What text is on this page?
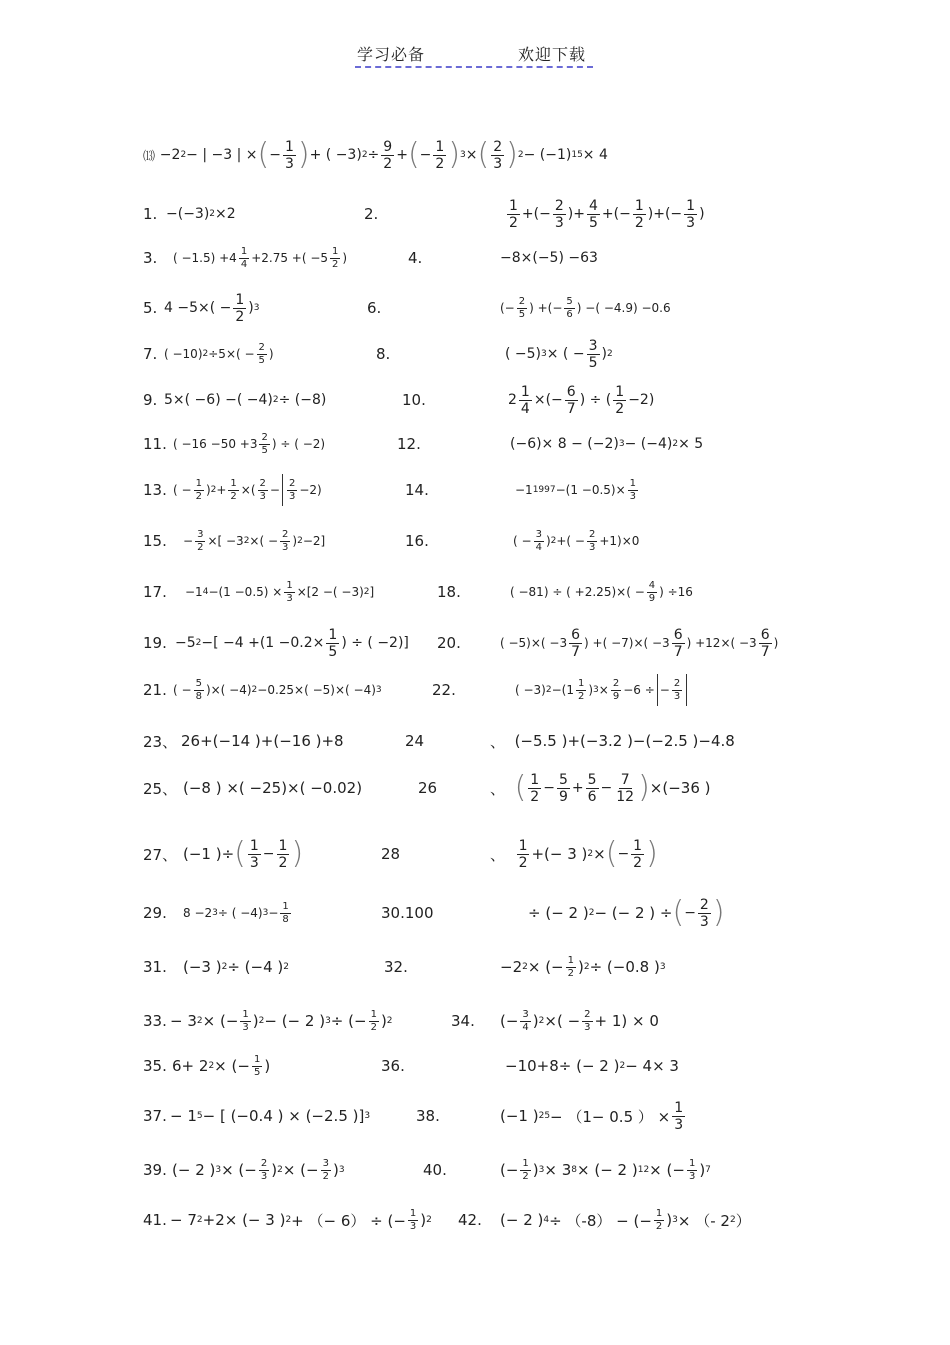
学习必备	欢迎下载
⒀
−2 2 − | −3 | × ( − $\frac{1}{3}$ ) + ( −3) $2 \div \frac{9}{2}$ + ( − $\frac{1}{2}$ ) 3 × ( 2
3 ) 2 − (−1) 15 × 4
1. −(−3) 2 ×2	2.	1
2
+(− $\frac{2}{3}$ )+ $\frac{4}{5}$ +(− $\frac{1}{2}$ )+(− $\frac{1}{3}$ )
3. ( −1.5) +4 1
4 +2.75 +( −5 1
2 )	4.	−8×(−5) −63
5. $4 -5\times( - \frac{1}{2}$ ) 3	6.	(− $\frac{2}{5}$ ) +(− $\frac{5}{6}$ ) −( −4.9) −0.6
7. ( −10) $2 \div 5\times( - \frac{2}{5}$ )	8.	( −5) 3 × ( − $\frac{3}{5}$ ) 2
9. 5×( −6) −( −4) 2 ÷ (−8)	10.	$2 \frac{1}{4}$ ×(− $\frac{6}{7}$ ) ÷ (
1
2
−2)
11. ( −16 −50 +3 2
5 ) ÷ ( −2)	12.	(−6)× 8 − (−2) 3 − (−4) 2 × 5
13. ( − $\frac{1}{2}$ ) $2 + \frac{1}{2}$ ×( 2
3 − 2
3 −2)	14.	−1 $1997 -(1 -0.5)\times \frac{1}{3}$
15. − $\frac{3}{2}$ ×[ −3 2 ×( − $\frac{2}{3}$ ) 2 −2]	16.	( − $\frac{3}{4}$ ) 2 +( − $\frac{2}{3} +1)\times 0$
17. −1 $4 -(1 -0.5) \times \frac{1}{3} \times[2$ −( −3) 2 ]	18.	( −81) ÷ ( $+2.25)\times( - \frac{4}{9}$ ) ÷16
19. −5 2 −[ $-4 +(1 -0.2\times \frac{1}{5}$ ) ÷ ( −2)] 20.	( −5)×( −3
6
7
) +( −7)×( −3
6
7
) +12×( −3
6
7
)
21. ( − $\frac{5}{8}$ )×( −4) 2 −0.25×( −5)×( −4) 3	22.	( −3) 2 −(1 1
2 ) $3 \times \frac{2}{9} -6$ ÷ − $\frac{2}{3}$
23、 26+(−14 )+(−16 )+8	24	、
(−5.5 )+(−3.2 )−(−2.5 )−4.8
25、 (−8 ) ×( −25)×( −0.02)	26	、
( 1
2
− $\frac{5}{9} + \frac{5}{6} - \frac{7}{12}$ ) ×(−36 )
27、 (−1 )÷ ( 1
3
− $\frac{1}{2}$ )	28	、
1
2 +(− 3 ) 2 × ( − $\frac{1}{2}$ )
29. 8 −2 3 ÷ ( −4) $3 - \frac{1}{8}$	30.100	÷ (− 2 ) 2 − (− 2 ) ÷ ( − $\frac{2}{3}$ )
31. (−3 ) 2 ÷ (−4 ) 2	32.	−2 2 × (− $\frac{1}{2}$ ) 2 ÷ (−0.8 ) 3
33. − 3 2 × (− $\frac{1}{3}$ ) 2 − (− 2 ) 3 ÷ (− $\frac{1}{2}$ ) 2	34. (− $\frac{3}{4}$ ) 2 ×( − $\frac{2}{3} + 1) \times 0$
35. 6+ 2 2 × (− $\frac{1}{5}$ )	36.	−10+8÷ (− 2 ) 2 − 4× 3
37. − 1 5 − [ (−0.4 ) × (−2.5 )] 3	38.	(−1 ) 25 − （1− 0.5 ） × $\frac{1}{3}$
39. (− 2 ) 3 × (− $\frac{2}{3}$ ) 2 × (− $\frac{3}{2}$ ) 3	40.	(− $\frac{1}{2}$ ) 3 × 3 8 × (− 2 ) 12 × (− $\frac{1}{3}$ ) 7
41. − 7 2 +2× (− 3 ) 2 + （− 6） ÷ (− $\frac{1}{3}$ ) 2 42. (− 2 ) 4 ÷ （-8） − (− $\frac{1}{2}$ ) 3 × （- 2 2 ）
